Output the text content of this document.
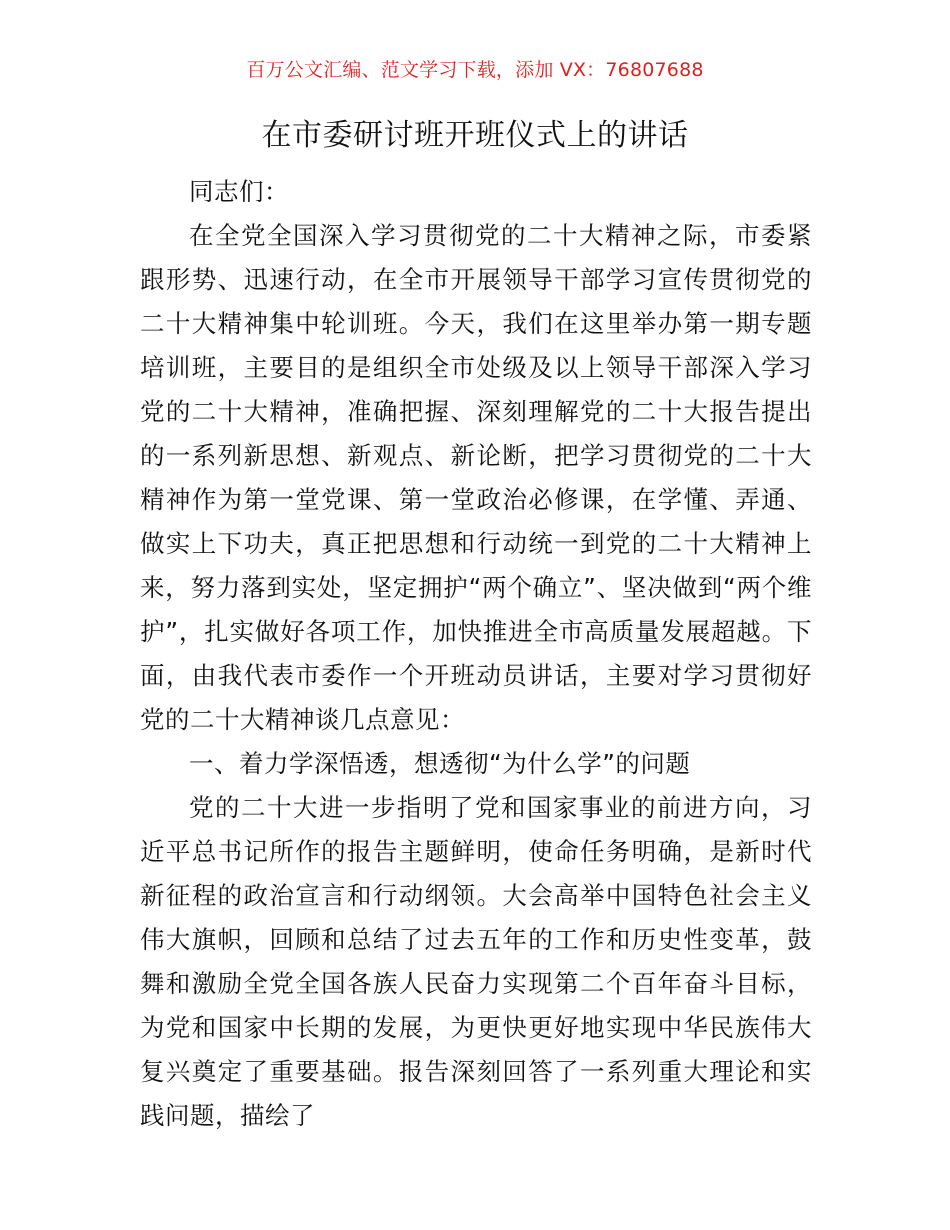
百万公文汇编、范文学习下载，添加 VX：76807688
在市委研讨班开班仪式上的讲话

同志们：

在全党全国深入学习贯彻党的二十大精神之际，市委紧跟形势、迅速行动，在全市开展领导干部学习宣传贯彻党的二十大精神集中轮训班。今天，我们在这里举办第一期专题培训班，主要目的是组织全市处级及以上领导干部深入学习党的二十大精神，准确把握、深刻理解党的二十大报告提出的一系列新思想、新观点、新论断，把学习贯彻党的二十大精神作为第一堂党课、第一堂政治必修课，在学懂、弄通、做实上下功夫，真正把思想和行动统一到党的二十大精神上来，努力落到实处，坚定拥护“两个确立”、坚决做到“两个维护”，扎实做好各项工作，加快推进全市高质量发展超越。下面，由我代表市委作一个开班动员讲话，主要对学习贯彻好党的二十大精神谈几点意见：

一、着力学深悟透，想透彻“为什么学”的问题

党的二十大进一步指明了党和国家事业的前进方向，习近平总书记所作的报告主题鲜明，使命任务明确，是新时代新征程的政治宣言和行动纲领。大会高举中国特色社会主义伟大旗帜，回顾和总结了过去五年的工作和历史性变革，鼓舞和激励全党全国各族人民奋力实现第二个百年奋斗目标，为党和国家中长期的发展，为更快更好地实现中华民族伟大复兴奠定了重要基础。报告深刻回答了一系列重大理论和实践问题，描绘了
